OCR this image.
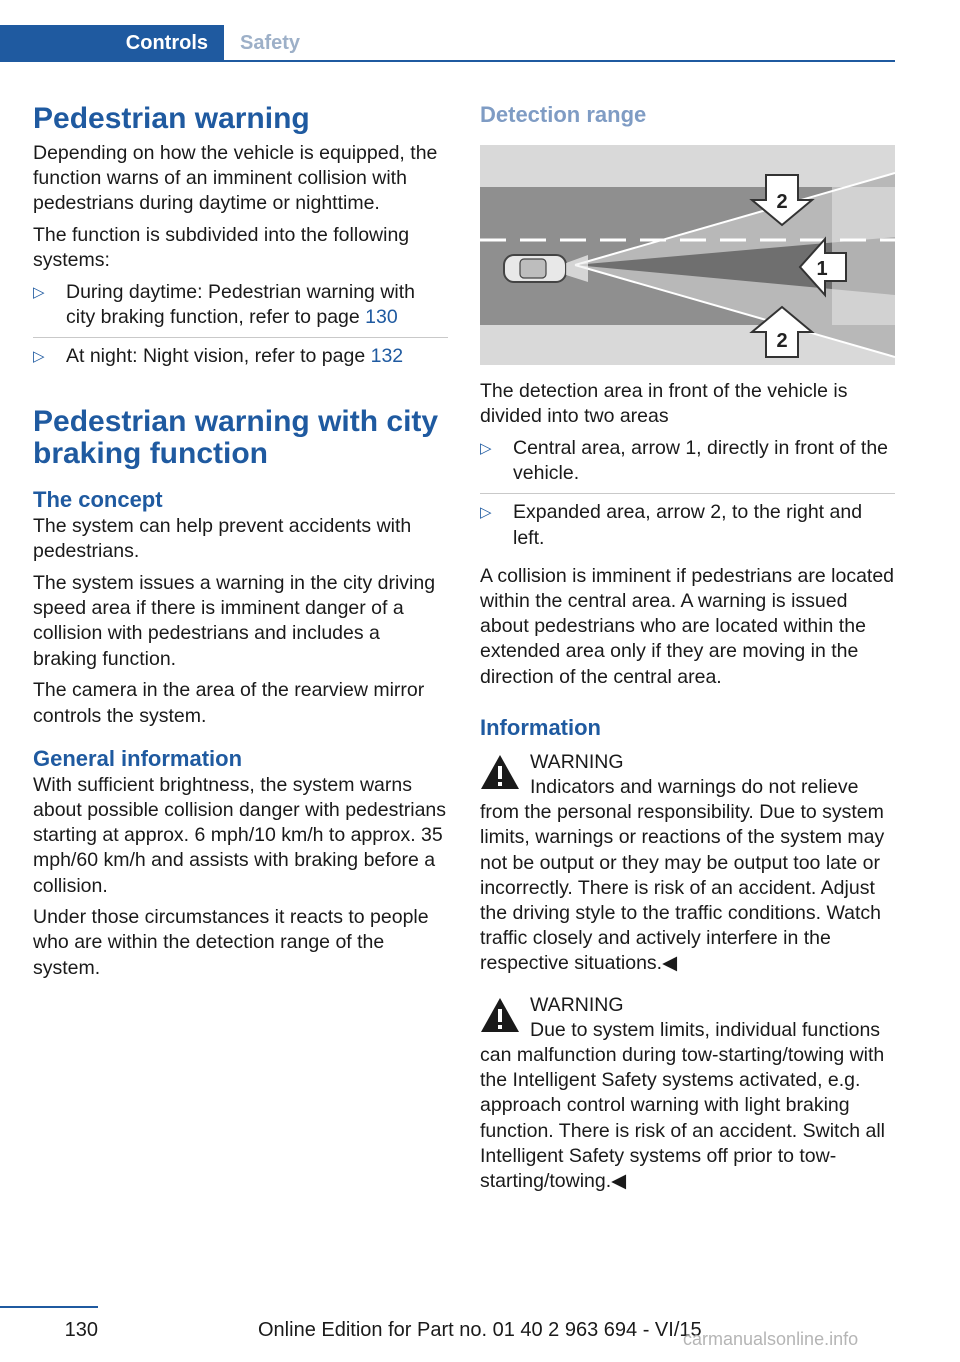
Controls	Safety
Pedestrian warning

Depending on how the vehicle is equipped, the function warns of an imminent collision with pedestrians during daytime or nighttime.

The function is subdivided into the following systems:

▷ During daytime: Pedestrian warning with city braking function, refer to page 130
▷ At night: Night vision, refer to page 132
Pedestrian warning with city braking function
The concept

The system can help prevent accidents with pedestrians.

The system issues a warning in the city driving speed area if there is imminent danger of a collision with pedestrians and includes a braking function.

The camera in the area of the rearview mirror controls the system.

General information

With sufficient brightness, the system warns about possible collision danger with pedestrians starting at approx. 6 mph/10 km/h to approx. 35 mph/60 km/h and assists with braking before a collision.

Under those circumstances it reacts to people who are within the detection range of the system.

Detection range
2
1
2

The detection area in front of the vehicle is divided into two areas

▷ Central area, arrow 1, directly in front of the vehicle.
▷ Expanded area, arrow 2, to the right and left.

A collision is imminent if pedestrians are located within the central area. A warning is issued about pedestrians who are located within the extended area only if they are moving in the direction of the central area.

Information

WARNING

Indicators and warnings do not relieve

from the personal responsibility. Due to system limits, warnings or reactions of the system may not be output or they may be output too late or incorrectly. There is risk of an accident. Adjust the driving style to the traffic conditions. Watch traffic closely and actively interfere in the respective situations.◀

WARNING

Due to system limits, individual functions

can malfunction during tow-starting/towing with the Intelligent Safety systems activated, e.g. approach control warning with light braking function. There is risk of an accident. Switch all Intelligent Safety systems off prior to tow-starting/towing.◀

130	Online Edition for Part no. 01 40 2 963 694 - VI/15
carmanualsonline.info
